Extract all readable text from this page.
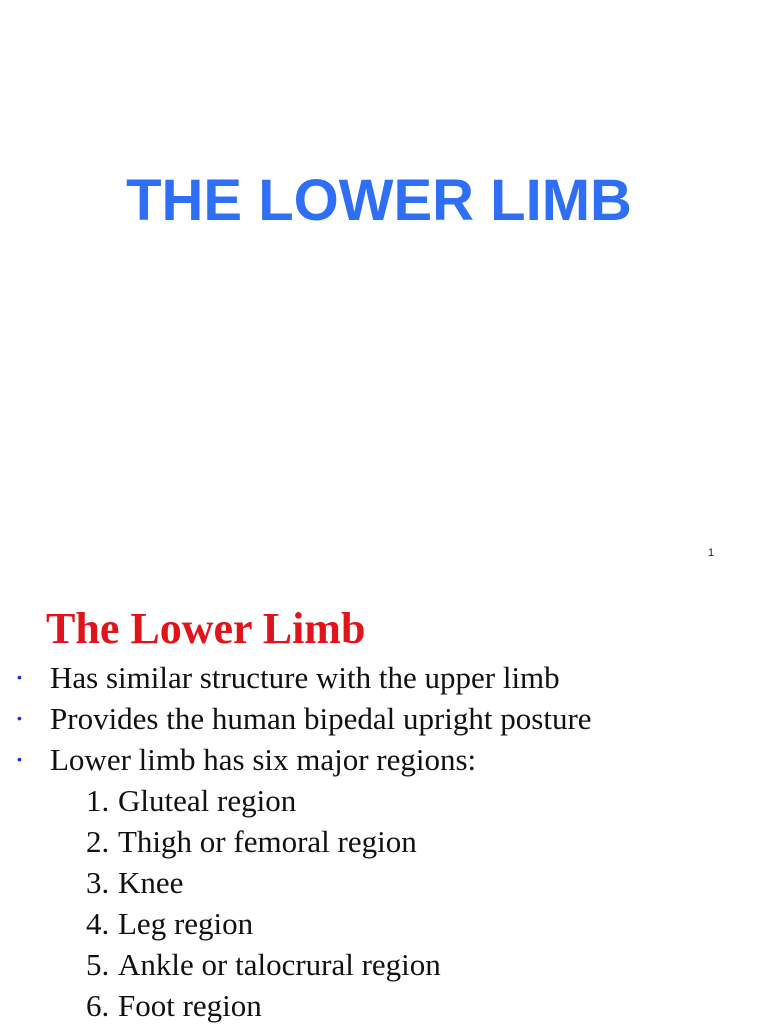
THE LOWER LIMB
1
The Lower Limb
• Has similar structure with the upper limb
• Provides the human bipedal upright posture
• Lower limb has six major regions:
1. Gluteal region
2. Thigh or femoral region
3. Knee
4. Leg region
5. Ankle or talocrural region
6. Foot region
